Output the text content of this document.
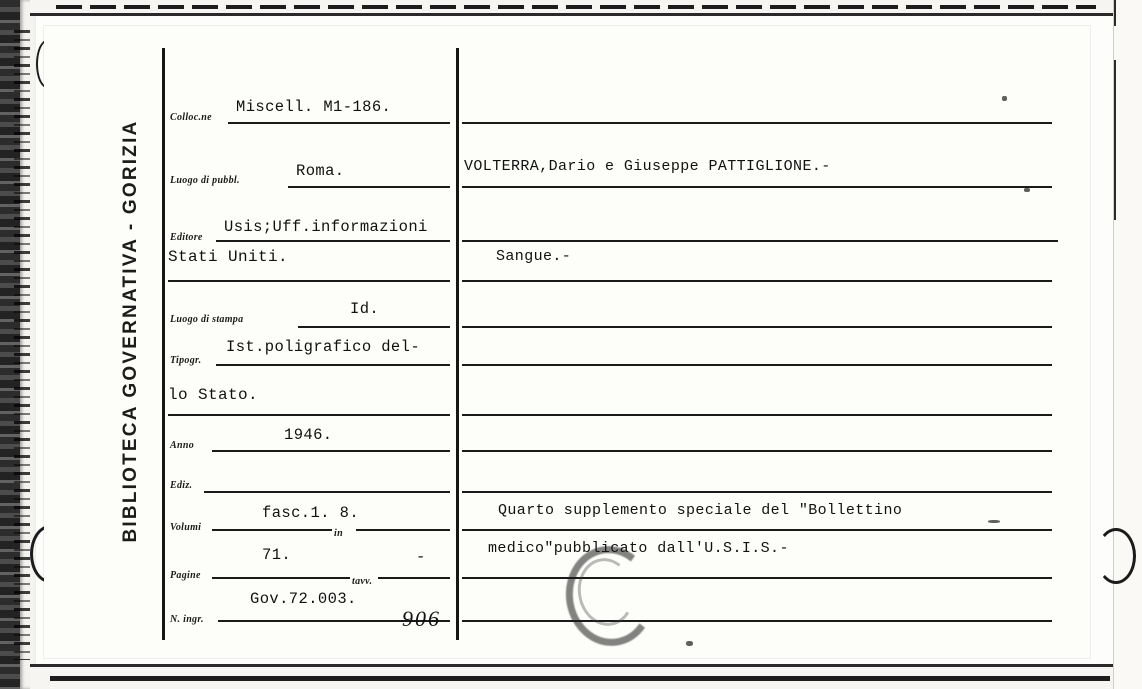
BIBLIOTECA GOVERNATIVA - GORIZIA
Colloc.ne
Miscell. M1-186.
Luogo di pubbl.
Roma.
Editore
Usis;Uff.informazioni
Stati Uniti.
Luogo di stampa
Id.
Tipogr.
Ist.poligrafico del-
lo Stato.
Anno
1946.
Ediz.
Volumi
fasc.1. 8.
in
Pagine
71.
tavv.
-
N. ingr.
Gov.72.003.
906
VOLTERRA,Dario e Giuseppe PATTIGLIONE.-
Sangue.-
Quarto supplemento speciale del "Bollettino
medico"pubblicato dall'U.S.I.S.-
